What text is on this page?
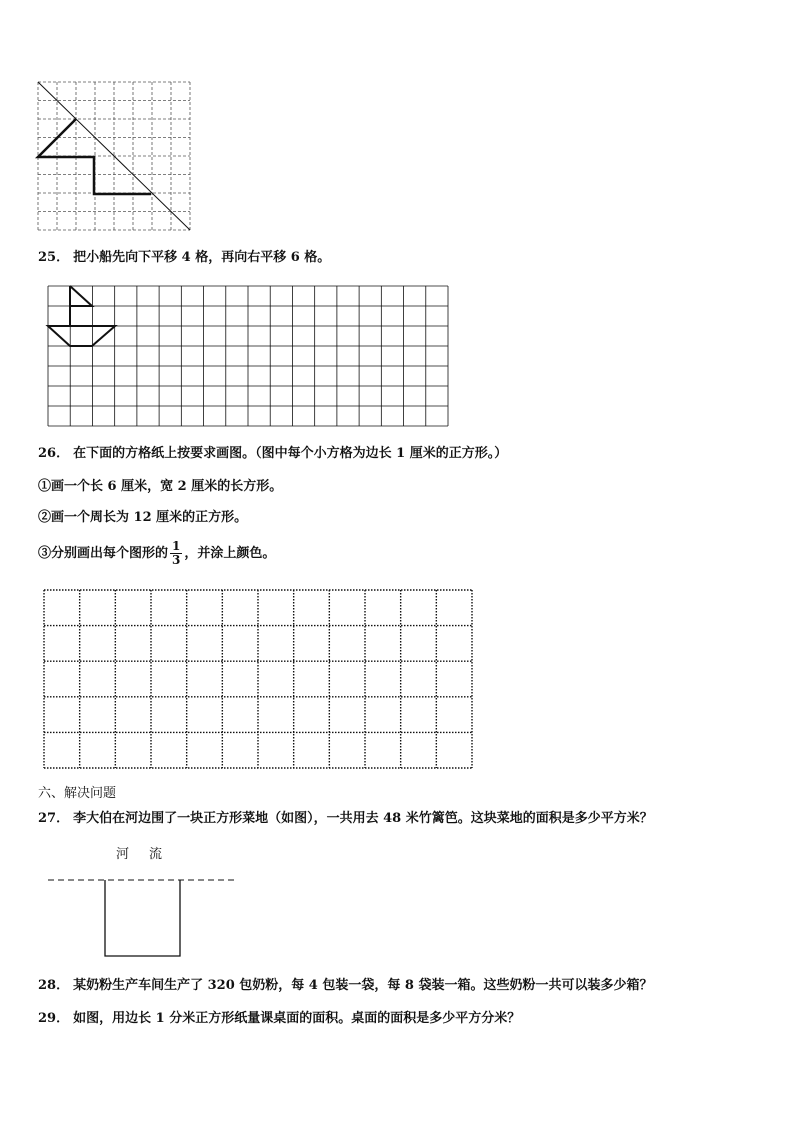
25． 把小船先向下平移 4 格，再向右平移 6 格。
26． 在下面的方格纸上按要求画图。（图中每个小方格为边长 1 厘米的正方形。）
①画一个长 6 厘米，宽 2 厘米的长方形。
②画一个周长为 12 厘米的正方形。
③分别画出每个图形的 $\frac{1}{3}$ ，并涂上颜色。
六、解决问题
27． 李大伯在河边围了一块正方形菜地（如图），一共用去 48 米竹篱笆。这块菜地的面积是多少平方米？
河 流
28． 某奶粉生产车间生产了 320 包奶粉，每 4 包装一袋，每 8 袋装一箱。这些奶粉一共可以装多少箱？
29． 如图，用边长 1 分米正方形纸量课桌面的面积。桌面的面积是多少平方分米？
